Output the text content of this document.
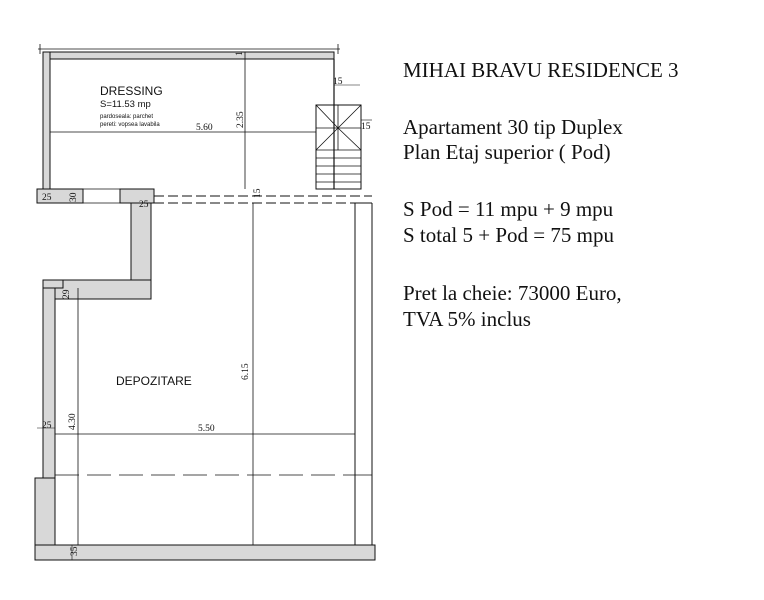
DRESSING
S=11.53 mp
pardoseala: parchet
pereti: vopsea lavabila
DEPOZITARE
5.60 2.35
6.15
5.50
4.30
15
15
15
1
25 30
25
29
25
35
MIHAI BRAVU RESIDENCE 3
Apartament 30 tip Duplex
Plan Etaj superior ( Pod)
S Pod = 11 mpu + 9 mpu
S total 5 + Pod = 75 mpu
Pret la cheie: 73000 Euro,
TVA 5% inclus
